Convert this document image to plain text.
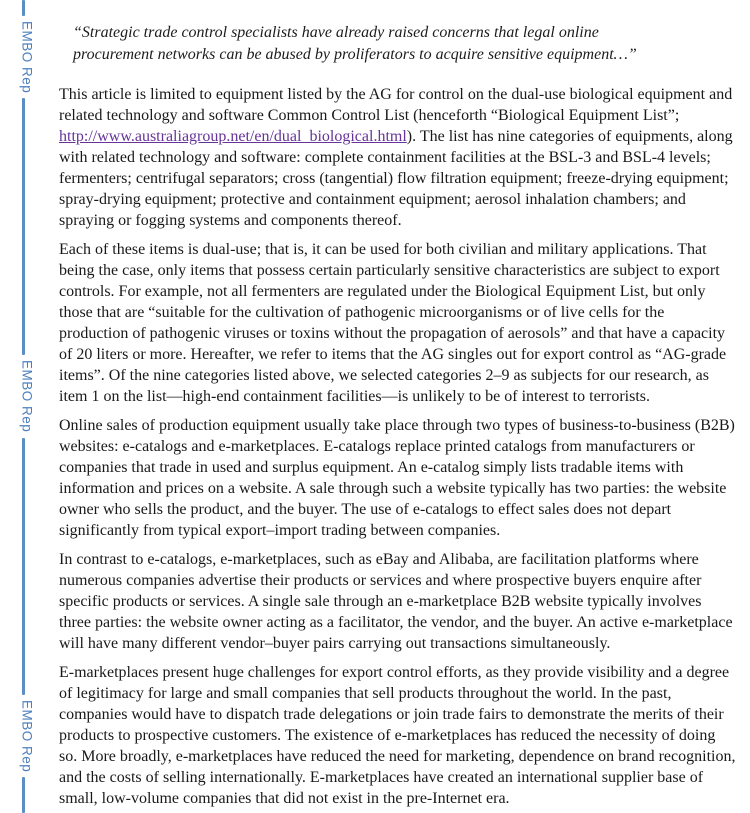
EMBO Rep
EMBO Rep
EMBO Rep
“Strategic trade control specialists have already raised concerns that legal online procurement networks can be abused by proliferators to acquire sensitive equipment…”

This article is limited to equipment listed by the AG for control on the dual-use biological equipment and related technology and software Common Control List (henceforth “Biological Equipment List”; http://www.australiagroup.net/en/dual_biological.html). The list has nine categories of equipments, along with related technology and software: complete containment facilities at the BSL-3 and BSL-4 levels; fermenters; centrifugal separators; cross (tangential) flow filtration equipment; freeze-drying equipment; spray-drying equipment; protective and containment equipment; aerosol inhalation chambers; and spraying or fogging systems and components thereof.

Each of these items is dual-use; that is, it can be used for both civilian and military applications. That being the case, only items that possess certain particularly sensitive characteristics are subject to export controls. For example, not all fermenters are regulated under the Biological Equipment List, but only those that are “suitable for the cultivation of pathogenic microorganisms or of live cells for the production of pathogenic viruses or toxins without the propagation of aerosols” and that have a capacity of 20 liters or more. Hereafter, we refer to items that the AG singles out for export control as “AG-grade items”. Of the nine categories listed above, we selected categories 2–9 as subjects for our research, as item 1 on the list—high-end containment facilities—is unlikely to be of interest to terrorists.

Online sales of production equipment usually take place through two types of business-to-business (B2B) websites: e-catalogs and e-marketplaces. E-catalogs replace printed catalogs from manufacturers or companies that trade in used and surplus equipment. An e-catalog simply lists tradable items with information and prices on a website. A sale through such a website typically has two parties: the website owner who sells the product, and the buyer. The use of e-catalogs to effect sales does not depart significantly from typical export–import trading between companies.

In contrast to e-catalogs, e-marketplaces, such as eBay and Alibaba, are facilitation platforms where numerous companies advertise their products or services and where prospective buyers enquire after specific products or services. A single sale through an e-marketplace B2B website typically involves three parties: the website owner acting as a facilitator, the vendor, and the buyer. An active e-marketplace will have many different vendor–buyer pairs carrying out transactions simultaneously.

E-marketplaces present huge challenges for export control efforts, as they provide visibility and a degree of legitimacy for large and small companies that sell products throughout the world. In the past, companies would have to dispatch trade delegations or join trade fairs to demonstrate the merits of their products to prospective customers. The existence of e-marketplaces has reduced the necessity of doing so. More broadly, e-marketplaces have reduced the need for marketing, dependence on brand recognition, and the costs of selling internationally. E-marketplaces have created an international supplier base of small, low-volume companies that did not exist in the pre-Internet era.
